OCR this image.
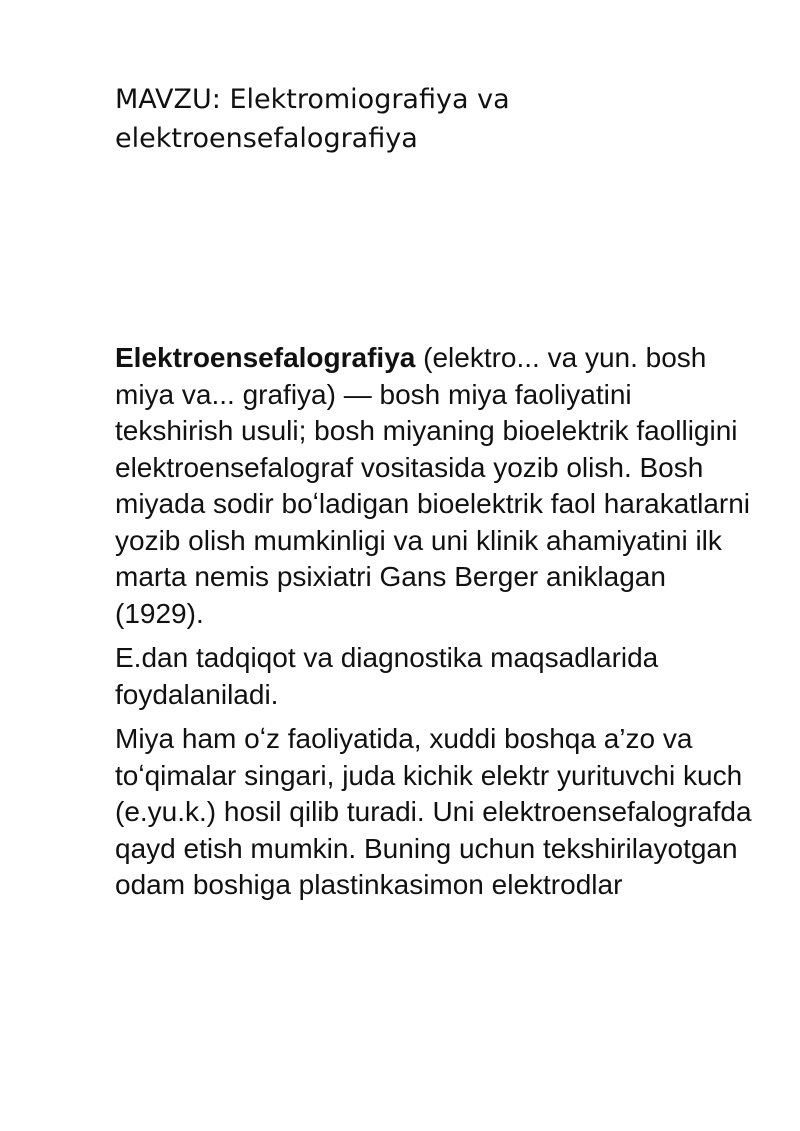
MAVZU: Elektromiografiya va elektroensefalografiya

Elektroensefalografiya (elektro... va yun. bosh miya va... grafiya) — bosh miya faoliyatini tekshirish usuli; bosh miyaning bioelektrik faolligini elektroensefalograf vositasida yozib olish. Bosh miyada sodir boʻladigan bioelektrik faol harakatlarni yozib olish mumkinligi va uni klinik ahamiyatini ilk marta nemis psixiatri Gans Berger aniklagan (1929).

E.dan tadqiqot va diagnostika maqsadlarida foydalaniladi.

Miya ham oʻz faoliyatida, xuddi boshqa a’zo va toʻqimalar singari, juda kichik elektr yurituvchi kuch (e.yu.k.) hosil qilib turadi. Uni elektroensefalografda qayd etish mumkin. Buning uchun tekshirilayotgan odam boshiga plastinkasimon elektrodlar
